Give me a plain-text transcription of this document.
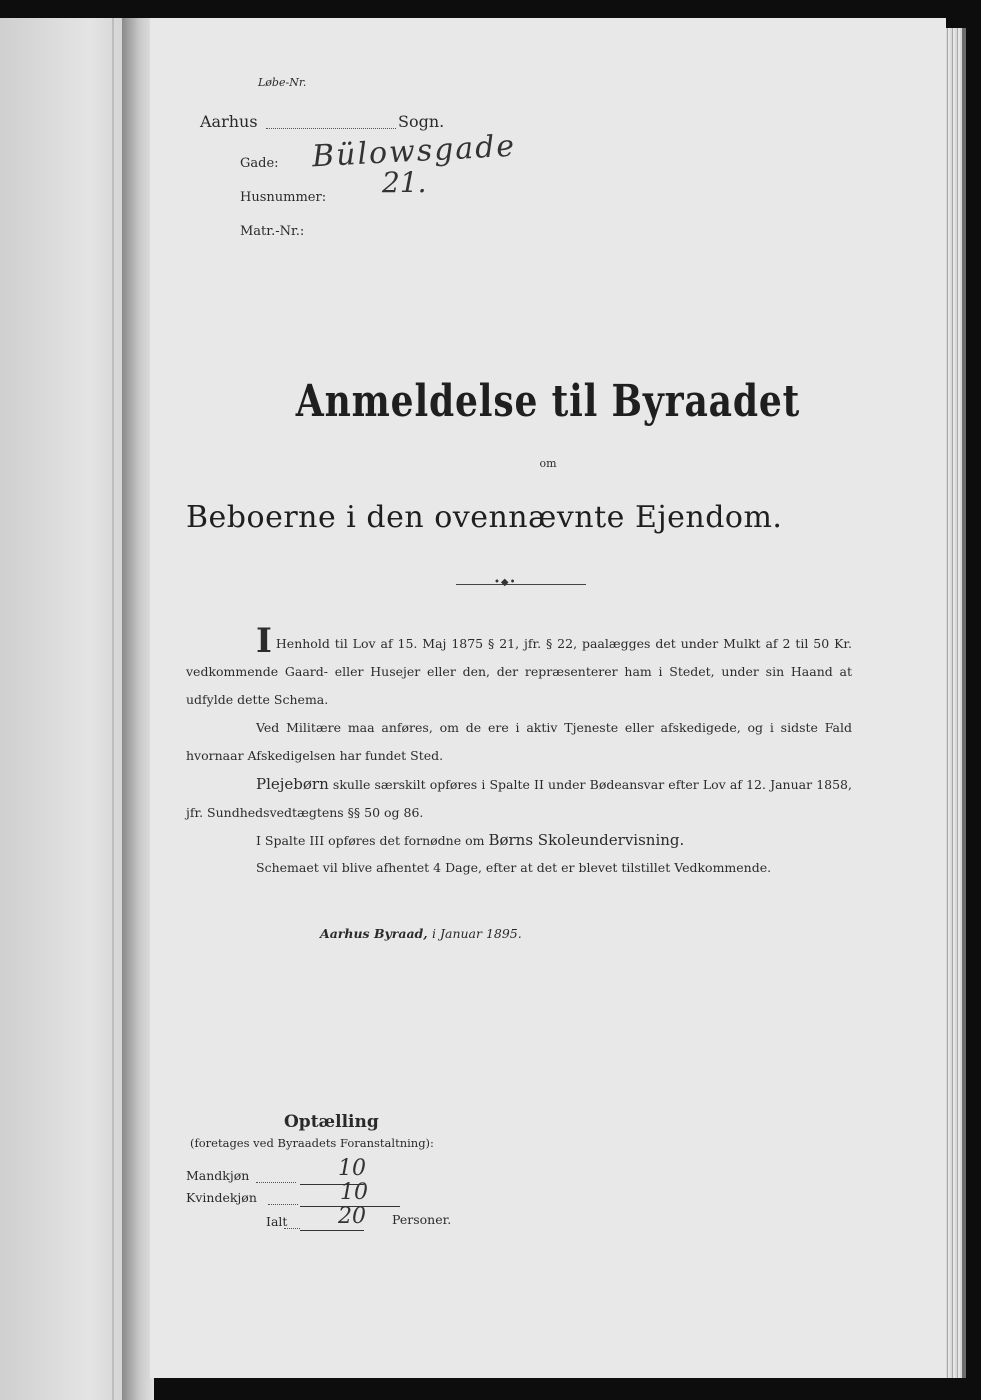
Løbe-Nr.
Aarhus	Sogn.
Gade: Bülowsgade
Husnummer: 21.
Matr.-Nr.:
Anmeldelse til Byraadet
om
Beboerne i den ovennævnte Ejendom.
•◆•
I Henhold til Lov af 15. Maj 1875 § 21, jfr. § 22, paalægges det under Mulkt af 2 til 50 Kr. vedkommende Gaard- eller Husejer eller den, der repræsenterer ham i Stedet, under sin Haand at udfylde dette Schema.
Ved Militære maa anføres, om de ere i aktiv Tjeneste eller afskedigede, og i sidste Fald hvornaar Afskedigelsen har fundet Sted.
Plejebørn skulle særskilt opføres i Spalte II under Bødeansvar efter Lov af 12. Januar 1858, jfr. Sundhedsvedtægtens §§ 50 og 86.
I Spalte III opføres det fornødne om Børns Skoleundervisning.
Schemaet vil blive afhentet 4 Dage, efter at det er blevet tilstillet Vedkommende.
Aarhus Byraad, i Januar 1895.
Optælling
(foretages ved Byraadets Foranstaltning):
Mandkjøn	10
Kvindekjøn	10
Ialt 20 Personer.
